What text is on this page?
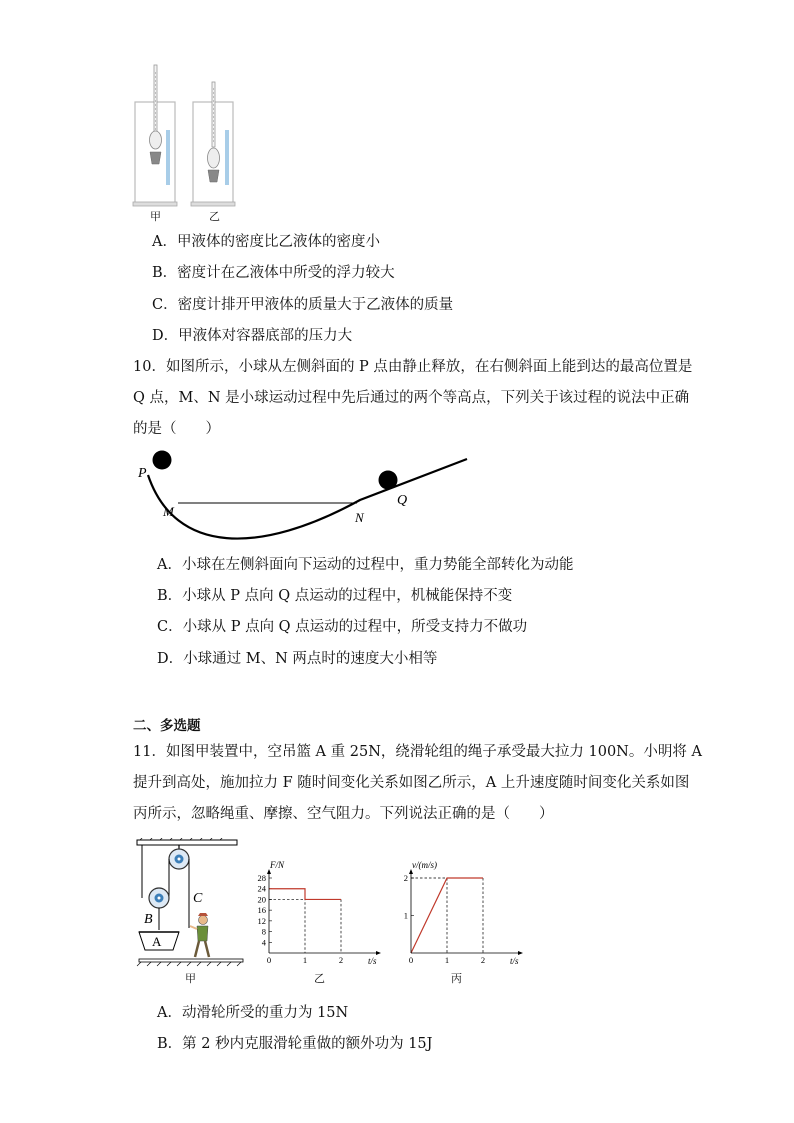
甲	乙
A．甲液体的密度比乙液体的密度小
B．密度计在乙液体中所受的浮力较大
C．密度计排开甲液体的质量大于乙液体的质量
D．甲液体对容器底部的压力大
10．如图所示，小球从左侧斜面的 P 点由静止释放，在右侧斜面上能到达的最高位置是
Q 点，M、N 是小球运动过程中先后通过的两个等高点，下列关于该过程的说法中正确
的是（　　）
P
M	N
Q
A．小球在左侧斜面向下运动的过程中，重力势能全部转化为动能
B．小球从 P 点向 Q 点运动的过程中，机械能保持不变
C．小球从 P 点向 Q 点运动的过程中，所受支持力不做功
D．小球通过 M、N 两点时的速度大小相等
二、多选题
11．如图甲装置中，空吊篮 A 重 25N，绕滑轮组的绳子承受最大拉力 100N。小明将 A
提升到高处，施加拉力 F 随时间变化关系如图乙所示，A 上升速度随时间变化关系如图
丙所示，忽略绳重、摩擦、空气阻力。下列说法正确的是（　　）
A
B
C
甲
F/N
t/s
28
24
20
16
12
8
4
0	1	2
乙
v/(m/s)
t/s
2
1
0	1	2
丙
A．动滑轮所受的重力为 15N
B．第 2 秒内克服滑轮重做的额外功为 15J
